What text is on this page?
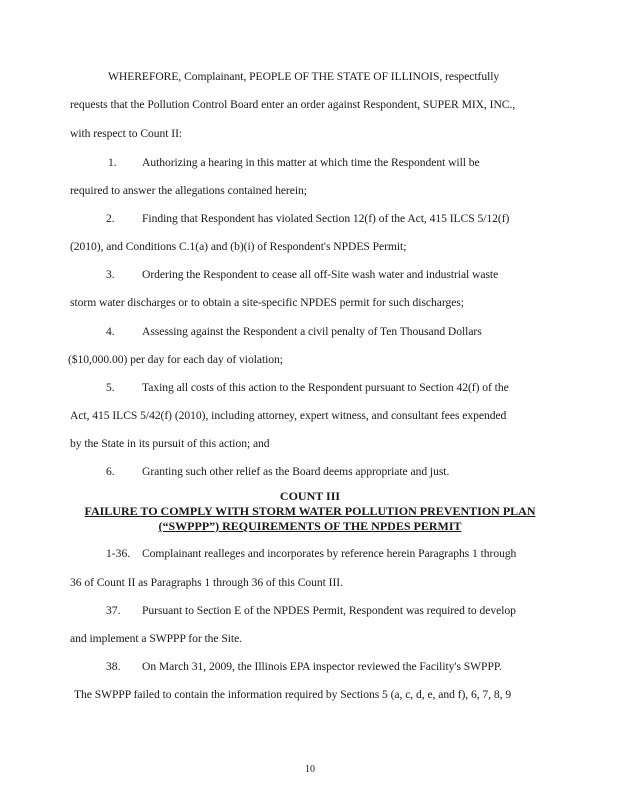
WHEREFORE, Complainant, PEOPLE OF THE STATE OF ILLINOIS, respectfully
requests that the Pollution Control Board enter an order against Respondent, SUPER MIX, INC.,
with respect to Count II:
1. Authorizing a hearing in this matter at which time the Respondent will be
required to answer the allegations contained herein;
2. Finding that Respondent has violated Section 12(f) of the Act, 415 ILCS 5/12(f)
(2010), and Conditions C.1(a) and (b)(i) of Respondent's NPDES Permit;
3. Ordering the Respondent to cease all off-Site wash water and industrial waste
storm water discharges or to obtain a site-specific NPDES permit for such discharges;
4. Assessing against the Respondent a civil penalty of Ten Thousand Dollars
($10,000.00) per day for each day of violation;
5. Taxing all costs of this action to the Respondent pursuant to Section 42(f) of the
Act, 415 ILCS 5/42(f) (2010), including attorney, expert witness, and consultant fees expended
by the State in its pursuit of this action; and
6. Granting such other relief as the Board deems appropriate and just.
COUNT III
FAILURE TO COMPLY WITH STORM WATER POLLUTION PREVENTION PLAN
(“SWPPP”) REQUIREMENTS OF THE NPDES PERMIT
1-36. Complainant realleges and incorporates by reference herein Paragraphs 1 through
36 of Count II as Paragraphs 1 through 36 of this Count III.
37. Pursuant to Section E of the NPDES Permit, Respondent was required to develop
and implement a SWPPP for the Site.
38. On March 31, 2009, the Illinois EPA inspector reviewed the Facility's SWPPP.
The SWPPP failed to contain the information required by Sections 5 (a, c, d, e, and f), 6, 7, 8, 9
10
